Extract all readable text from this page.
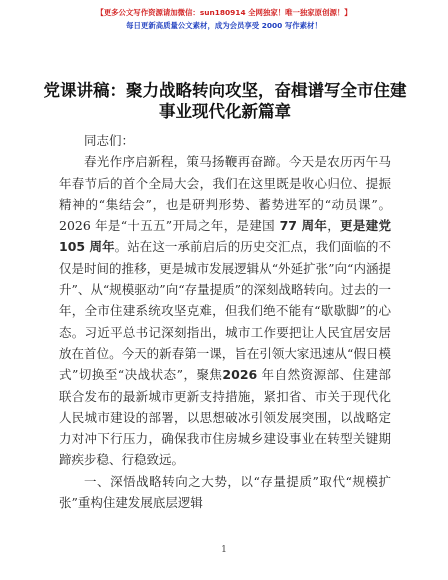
【更多公文写作资源请加微信：sun180914 全网独家！唯一独家原创源！】
每日更新高质量公文素材，成为会员享受 2000 写作素材！
党课讲稿：聚力战略转向攻坚，奋楫谱写全市住建事业现代化新篇章

同志们：

春光作序启新程，策马扬鞭再奋蹄。今天是农历丙午马年春节后的首个全局大会，我们在这里既是收心归位、提振精神的“集结会”，也是研判形势、蓄势进军的“动员课”。2026 年是“十五五”开局之年，是建国 77 周年，更是建党 105 周年。站在这一承前启后的历史交汇点，我们面临的不仅是时间的推移，更是城市发展逻辑从“外延扩张”向“内涵提升”、从“规模驱动”向“存量提质”的深刻战略转向。过去的一年，全市住建系统攻坚克难，但我们绝不能有“歇歇脚”的心态。习近平总书记深刻指出，城市工作要把让人民宜居安居放在首位。今天的新春第一课，旨在引领大家迅速从“假日模式”切换至“决战状态”，聚焦2026 年自然资源部、住建部联合发布的最新城市更新支持措施，紧扣省、市关于现代化人民城市建设的部署，以思想破冰引领发展突围，以战略定力对冲下行压力，确保我市住房城乡建设事业在转型关键期蹄疾步稳、行稳致远。

一、深悟战略转向之大势，以“存量提质”取代“规模扩张”重构住建发展底层逻辑

1
